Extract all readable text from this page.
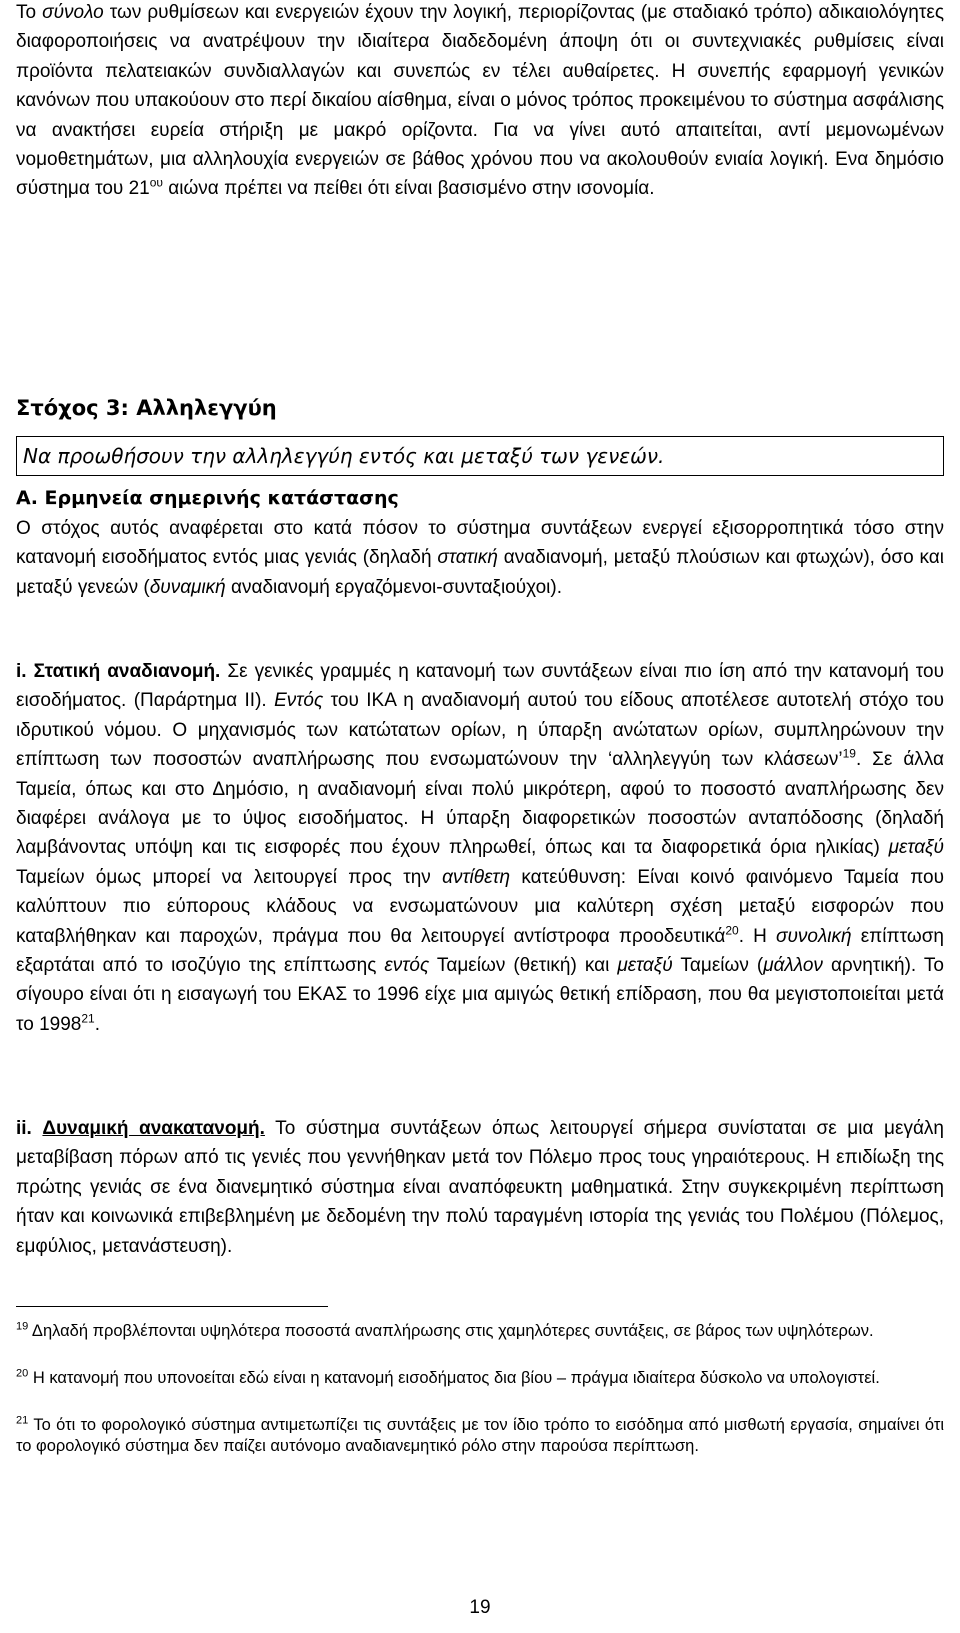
Το σύνολο των ρυθμίσεων και ενεργειών έχουν την λογική, περιορίζοντας (με σταδιακό τρόπο) αδικαιολόγητες διαφοροποιήσεις να ανατρέψουν την ιδιαίτερα διαδεδομένη άποψη ότι οι συντεχνιακές ρυθμίσεις είναι προϊόντα πελατειακών συνδιαλλαγών και συνεπώς εν τέλει αυθαίρετες. Η συνεπής εφαρμογή γενικών κανόνων που υπακούουν στο περί δικαίου αίσθημα, είναι ο μόνος τρόπος προκειμένου το σύστημα ασφάλισης να ανακτήσει ευρεία στήριξη με μακρό ορίζοντα. Για να γίνει αυτό απαιτείται, αντί μεμονωμένων νομοθετημάτων, μια αλληλουχία ενεργειών σε βάθος χρόνου που να ακολουθούν ενιαία λογική. Ενα δημόσιο σύστημα του $21^{o\upsilon}$ αιώνα πρέπει να πείθει ότι είναι βασισμένο στην ισονομία.

Στόχος 3: Αλληλεγγύη
Να προωθήσουν την αλληλεγγύη εντός και μεταξύ των γενεών.
Α. Ερμηνεία σημερινής κατάστασης

Ο στόχος αυτός αναφέρεται στο κατά πόσον το σύστημα συντάξεων ενεργεί εξισορροπητικά τόσο στην κατανομή εισοδήματος εντός μιας γενιάς (δηλαδή στατική αναδιανομή, μεταξύ πλούσιων και φτωχών), όσο και μεταξύ γενεών (δυναμική αναδιανομή εργαζόμενοι-συνταξιούχοι).

i. Στατική αναδιανομή. Σε γενικές γραμμές η κατανομή των συντάξεων είναι πιο ίση από την κατανομή του εισοδήματος. (Παράρτημα ΙΙ). Εντός του ΙΚΑ η αναδιανομή αυτού του είδους αποτέλεσε αυτοτελή στόχο του ιδρυτικού νόμου. Ο μηχανισμός των κατώτατων ορίων, η ύπαρξη ανώτατων ορίων, συμπληρώνουν την επίπτωση των ποσοστών αναπλήρωσης που ενσωματώνουν την ‘αλληλεγγύη των κλάσεων’$^{19}$. Σε άλλα Ταμεία, όπως και στο Δημόσιο, η αναδιανομή είναι πολύ μικρότερη, αφού το ποσοστό αναπλήρωσης δεν διαφέρει ανάλογα με το ύψος εισοδήματος. Η ύπαρξη διαφορετικών ποσοστών ανταπόδοσης (δηλαδή λαμβάνοντας υπόψη και τις εισφορές που έχουν πληρωθεί, όπως και τα διαφορετικά όρια ηλικίας) μεταξύ Ταμείων όμως μπορεί να λειτουργεί προς την αντίθετη κατεύθυνση: Είναι κοινό φαινόμενο Ταμεία που καλύπτουν πιο εύπορους κλάδους να ενσωματώνουν μια καλύτερη σχέση μεταξύ εισφορών που καταβλήθηκαν και παροχών, πράγμα που θα λειτουργεί αντίστροφα προοδευτικά$^{20}$. Η συνολική επίπτωση εξαρτάται από το ισοζύγιο της επίπτωσης εντός Ταμείων (θετική) και μεταξύ Ταμείων (μάλλον αρνητική). Το σίγουρο είναι ότι η εισαγωγή του ΕΚΑΣ το 1996 είχε μια αμιγώς θετική επίδραση, που θα μεγιστοποιείται μετά το 1998$^{21}$.

ii. Δυναμική ανακατανομή. Το σύστημα συντάξεων όπως λειτουργεί σήμερα συνίσταται σε μια μεγάλη μεταβίβαση πόρων από τις γενιές που γεννήθηκαν μετά τον Πόλεμο προς τους γηραιότερους. Η επιδίωξη της πρώτης γενιάς σε ένα διανεμητικό σύστημα είναι αναπόφευκτη μαθηματικά. Στην συγκεκριμένη περίπτωση ήταν και κοινωνικά επιβεβλημένη με δεδομένη την πολύ ταραγμένη ιστορία της γενιάς του Πολέμου (Πόλεμος, εμφύλιος, μετανάστευση).

$^{19}$ Δηλαδή προβλέπονται υψηλότερα ποσοστά αναπλήρωσης στις χαμηλότερες συντάξεις, σε βάρος των υψηλότερων.

$^{20}$ Η κατανομή που υπονοείται εδώ είναι η κατανομή εισοδήματος δια βίου – πράγμα ιδιαίτερα δύσκολο να υπολογιστεί.

$^{21}$ Το ότι το φορολογικό σύστημα αντιμετωπίζει τις συντάξεις με τον ίδιο τρόπο το εισόδημα από μισθωτή εργασία, σημαίνει ότι το φορολογικό σύστημα δεν παίζει αυτόνομο αναδιανεμητικό ρόλο στην παρούσα περίπτωση.

19
